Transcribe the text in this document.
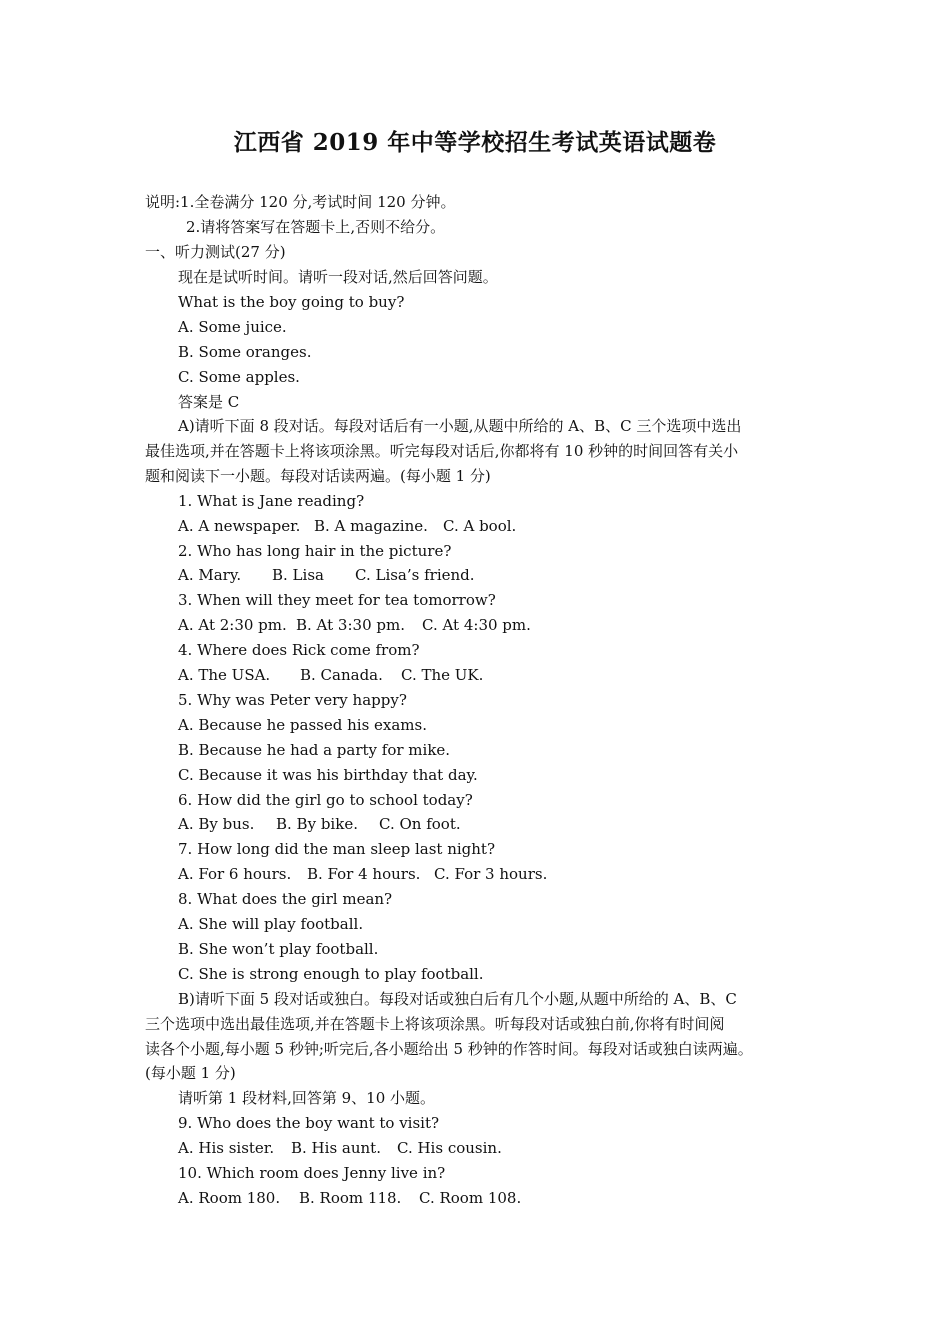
江西省 2019 年中等学校招生考试英语试题卷
说明:1.全卷满分 120 分,考试时间 120 分钟。
2.请将答案写在答题卡上,否则不给分。
一、听力测试(27 分)
现在是试听时间。请听一段对话,然后回答问题。
What is the boy going to buy?
A. Some juice.
B. Some oranges.
C. Some apples.
答案是 C
A)请听下面 8 段对话。每段对话后有一小题,从题中所给的 A、B、C 三个选项中选出
最佳选项,并在答题卡上将该项涂黑。听完每段对话后,你都将有 10 秒钟的时间回答有关小
题和阅读下一小题。每段对话读两遍。(每小题 1 分)
1. What is Jane reading?
A. A newspaper. B. A magazine. C. A bool.
2. Who has long hair in the picture?
A. Mary. B. Lisa C. Lisa’s friend.
3. When will they meet for tea tomorrow?
A. At 2:30 pm. B. At 3:30 pm. C. At 4:30 pm.
4. Where does Rick come from?
A. The USA. B. Canada. C. The UK.
5. Why was Peter very happy?
A. Because he passed his exams.
B. Because he had a party for mike.
C. Because it was his birthday that day.
6. How did the girl go to school today?
A. By bus. B. By bike. C. On foot.
7. How long did the man sleep last night?
A. For 6 hours. B. For 4 hours. C. For 3 hours.
8. What does the girl mean?
A. She will play football.
B. She won’t play football.
C. She is strong enough to play football.
B)请听下面 5 段对话或独白。每段对话或独白后有几个小题,从题中所给的 A、B、C
三个选项中选出最佳选项,并在答题卡上将该项涂黑。听每段对话或独白前,你将有时间阅
读各个小题,每小题 5 秒钟;听完后,各小题给出 5 秒钟的作答时间。每段对话或独白读两遍。
(每小题 1 分)
请听第 1 段材料,回答第 9、10 小题。
9. Who does the boy want to visit?
A. His sister. B. His aunt. C. His cousin.
10. Which room does Jenny live in?
A. Room 180. B. Room 118. C. Room 108.
